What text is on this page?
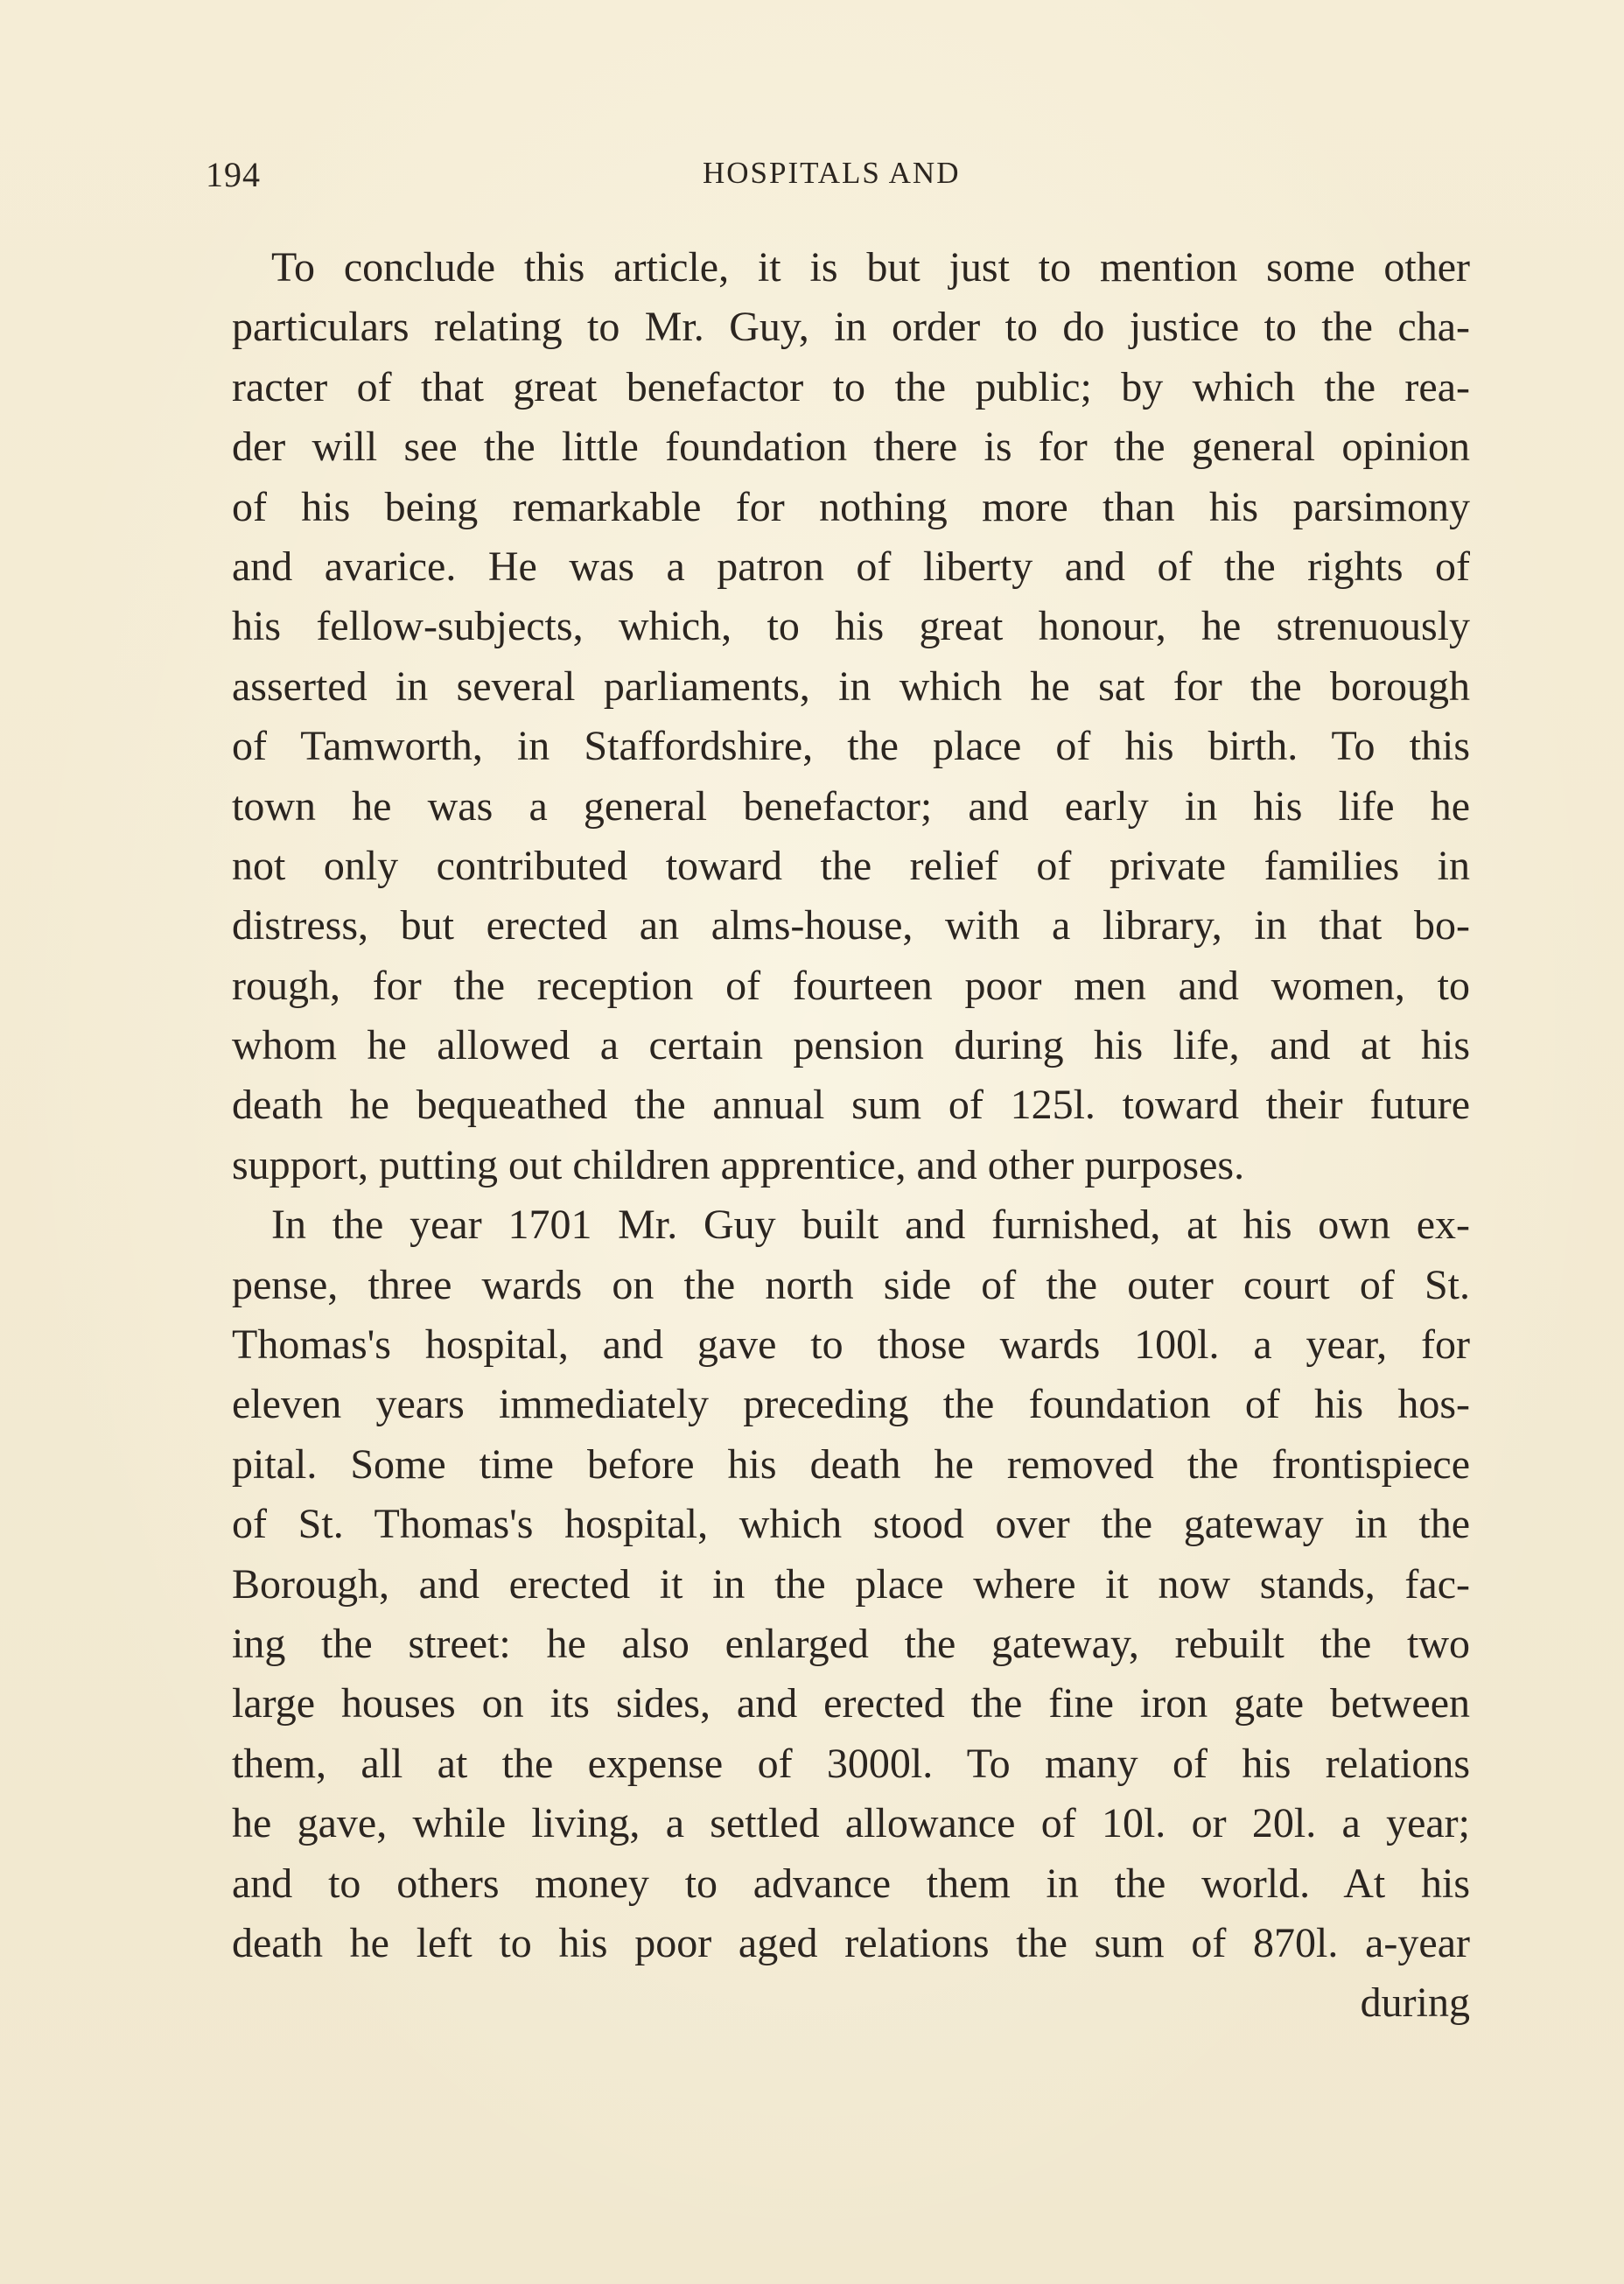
194	HOSPITALS AND
To conclude this article, it is but just to mention some other
particulars relating to Mr. Guy, in order to do justice to the cha-
racter of that great benefactor to the public; by which the rea-
der will see the little foundation there is for the general opinion
of his being remarkable for nothing more than his parsimony
and avarice. He was a patron of liberty and of the rights of
his fellow-subjects, which, to his great honour, he strenuously
asserted in several parliaments, in which he sat for the borough
of Tamworth, in Staffordshire, the place of his birth. To this
town he was a general benefactor; and early in his life he
not only contributed toward the relief of private families in
distress, but erected an alms-house, with a library, in that bo-
rough, for the reception of fourteen poor men and women, to
whom he allowed a certain pension during his life, and at his
death he bequeathed the annual sum of 125l. toward their future
support, putting out children apprentice, and other purposes.
In the year 1701 Mr. Guy built and furnished, at his own ex-
pense, three wards on the north side of the outer court of St.
Thomas's hospital, and gave to those wards 100l. a year, for
eleven years immediately preceding the foundation of his hos-
pital. Some time before his death he removed the frontispiece
of St. Thomas's hospital, which stood over the gateway in the
Borough, and erected it in the place where it now stands, fac-
ing the street: he also enlarged the gateway, rebuilt the two
large houses on its sides, and erected the fine iron gate between
them, all at the expense of 3000l. To many of his relations
he gave, while living, a settled allowance of 10l. or 20l. a year;
and to others money to advance them in the world. At his
death he left to his poor aged relations the sum of 870l. a-year
during
